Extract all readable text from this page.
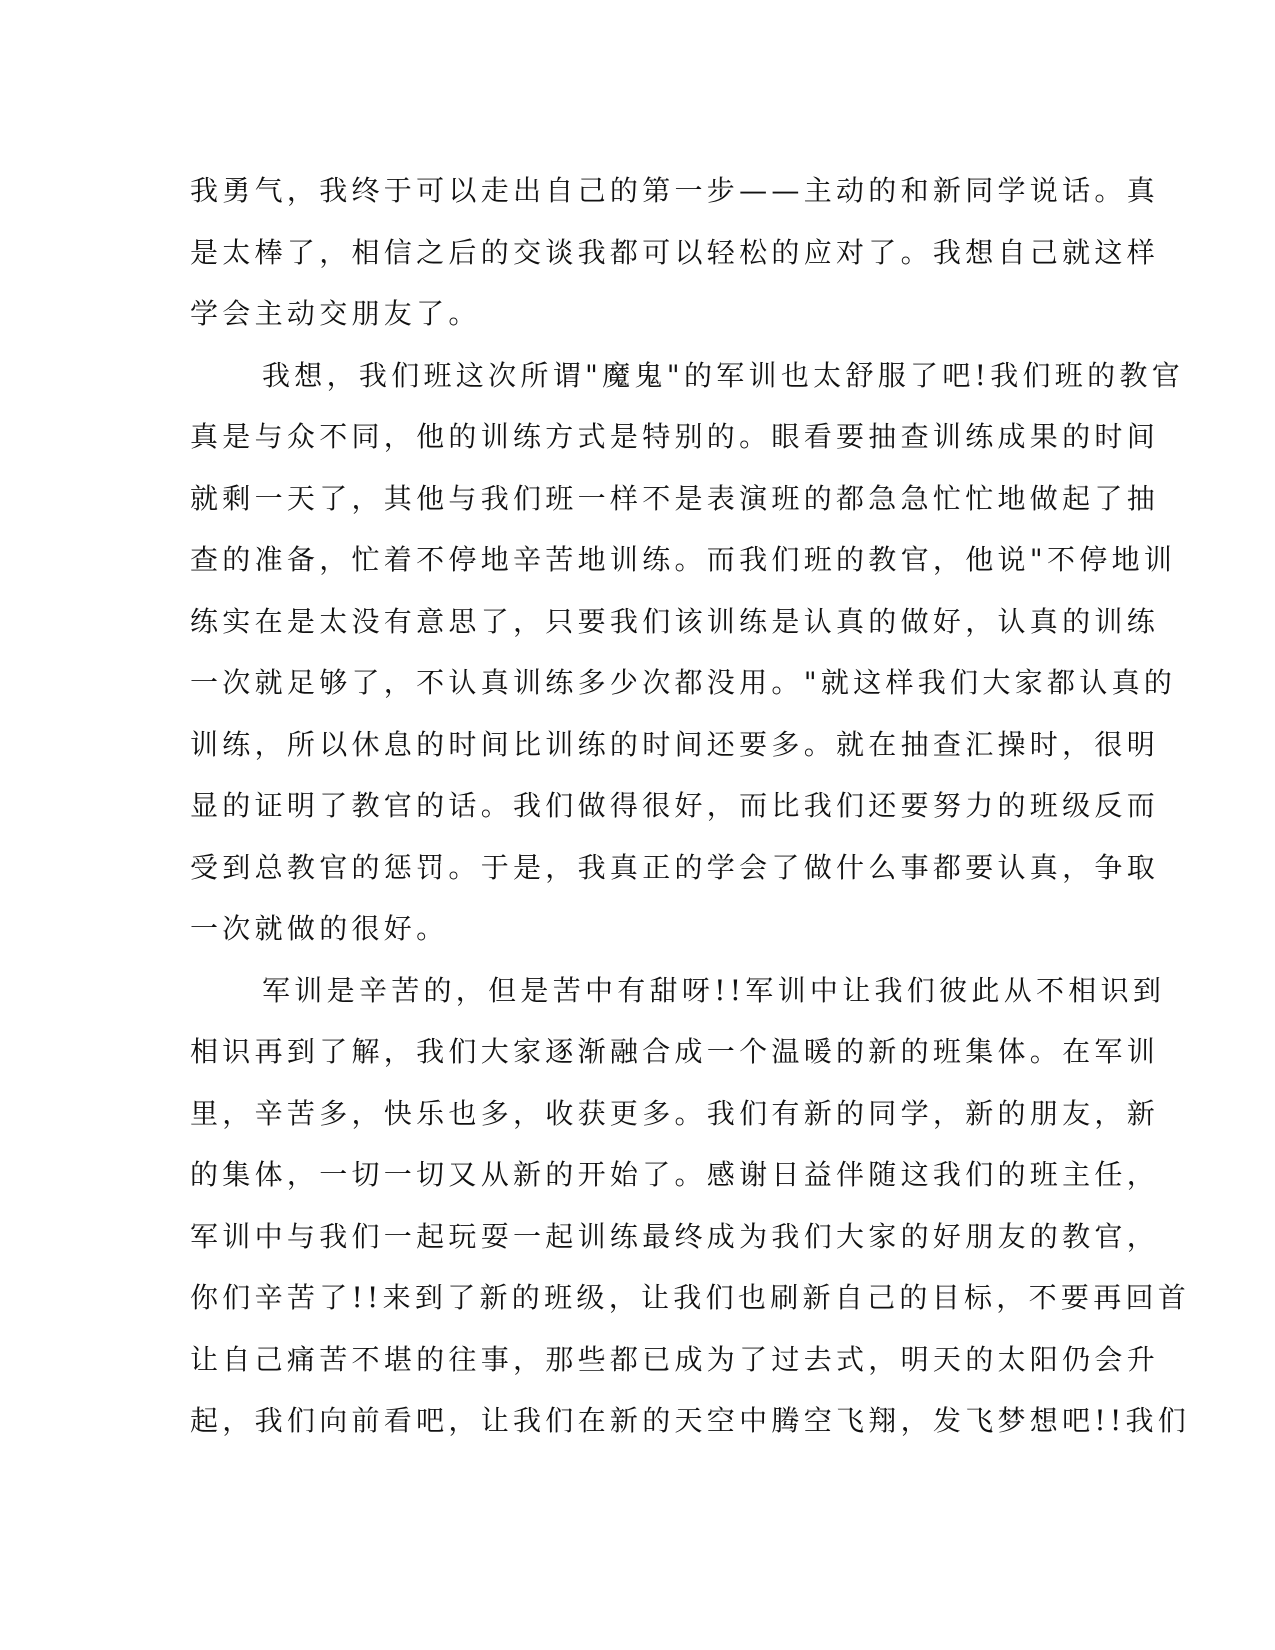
我勇气，我终于可以走出自己的第一步——主动的和新同学说话。真
是太棒了，相信之后的交谈我都可以轻松的应对了。我想自己就这样
学会主动交朋友了。
我想，我们班这次所谓"魔鬼"的军训也太舒服了吧!我们班的教官
真是与众不同，他的训练方式是特别的。眼看要抽查训练成果的时间
就剩一天了，其他与我们班一样不是表演班的都急急忙忙地做起了抽
查的准备，忙着不停地辛苦地训练。而我们班的教官，他说"不停地训
练实在是太没有意思了，只要我们该训练是认真的做好，认真的训练
一次就足够了，不认真训练多少次都没用。"就这样我们大家都认真的
训练，所以休息的时间比训练的时间还要多。就在抽查汇操时，很明
显的证明了教官的话。我们做得很好，而比我们还要努力的班级反而
受到总教官的惩罚。于是，我真正的学会了做什么事都要认真，争取
一次就做的很好。
军训是辛苦的，但是苦中有甜呀!!军训中让我们彼此从不相识到
相识再到了解，我们大家逐渐融合成一个温暖的新的班集体。在军训
里，辛苦多，快乐也多，收获更多。我们有新的同学，新的朋友，新
的集体，一切一切又从新的开始了。感谢日益伴随这我们的班主任，
军训中与我们一起玩耍一起训练最终成为我们大家的好朋友的教官，
你们辛苦了!!来到了新的班级，让我们也刷新自己的目标，不要再回首
让自己痛苦不堪的往事，那些都已成为了过去式，明天的太阳仍会升
起，我们向前看吧，让我们在新的天空中腾空飞翔，发飞梦想吧!!我们
